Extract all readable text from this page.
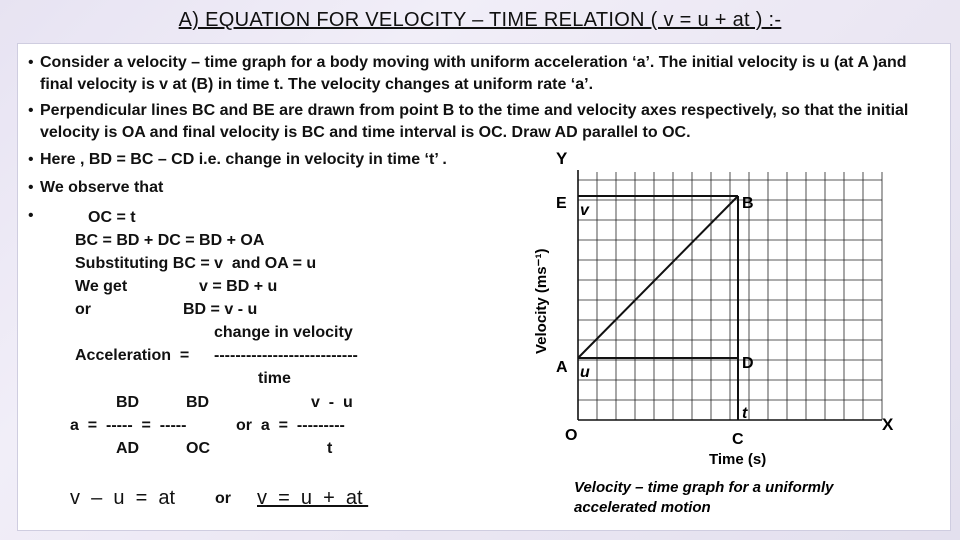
A) EQUATION FOR VELOCITY – TIME RELATION ( v = u + at ) :-
• Consider a velocity – time graph for a body moving with uniform acceleration ‘a’. The initial velocity is u (at A )and final velocity is v at (B) in time t. The velocity changes at uniform rate ‘a’.
• Perpendicular lines BC and BE are drawn from point B to the time and velocity axes respectively, so that the initial velocity is OA and final velocity is BC and time interval is OC. Draw AD parallel to OC.
• Here , BD = BC – CD i.e. change in velocity in time ‘t’ .
• We observe that
OC = t
BC = BD + DC = BD + OA
Substituting BC = v  and OA = u
We get	v = BD + u
or	BD = v - u
change in velocity
Acceleration  = ---------------------------
time
BD	BD	v  -  u
a  =  -----  =  -----	or  a  =  ---------
AD	OC	t
v  –  u  =  at or v  =  u  +  at
Y
E v	B
A u
D
t
O	C
X
Time (s)
Velocity (ms⁻¹)
Velocity – time graph for a uniformly
accelerated motion
